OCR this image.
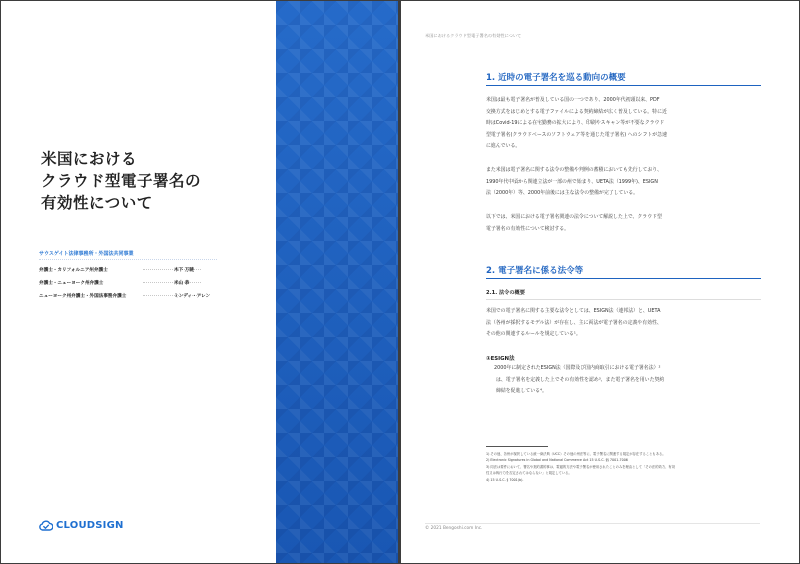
米国における
クラウド型電子署名の
有効性について
サウスゲイト法律事務所・外国法共同事業
弁護士・カリフォルニア州弁護士	木下 万暁
弁護士・ニューヨーク州弁護士	米山 恭
ニューヨーク州弁護士・外国法事務弁護士	ミンディ・アレン
CLOUDSIGN
米国におけるクラウド型電子署名の有効性について
1. 近時の電子署名を巡る動向の概要
米国は最も電子署名が普及している国の一つであり、2000年代初頭以来、PDF
交換方式をはじめとする電子ファイルによる契約締結が広く普及している。特に近
時はCovid-19による在宅勤務の拡大により、印刷やスキャン等が不要なクラウド
型電子署名(クラウドベースのソフトウェア等を通じた電子署名) へのシフトが急速
に進んでいる。
また米国は電子署名に関する法令の整備や判例の蓄積においても先行しており、
1990年代中頃から関連立法が一部の州で始まり、UETA法（1999年)、ESIGN
法（2000年）等、2000年前後には主な法令の整備が完了している。
以下では、米国における電子署名関連の法令について解説した上で、クラウド型
電子署名の有効性について検討する。
2. 電子署名に係る法令等
2.1. 法令の概要
米国での電子署名に関する主要な法令としては、ESIGN法（連邦法）と、UETA
法（各州が採択するモデル法）が存在し、主に両法が電子署名の定義や有効性、
その他の関連するルールを規定している¹。
①ESIGN法
2000年に制定されたESIGN法（国際及び国内商取引における電子署名法）²
は、電子署名を定義した上でその有効性を認め³、また電子署名を用いた契約
締結を促進している⁴。
1) その他、各州が採択している統一商法典（UCC）その他の州法等に、電子署名に関連する規定が存在することもある。
2) Electronic Signatures in Global and National Commerce Act 15 U.S.C. §§ 7001-7006
3) 同法は要件において、署名や契約書的事は、電磁的方法や電子署名が使用されたことのみを理由として「その法的効力、有効
性又は執行力を否定されてはならない」と規定している。
4) 15 U.S.C. § 7001(b).
© 2021 Bengoshi.com Inc.
